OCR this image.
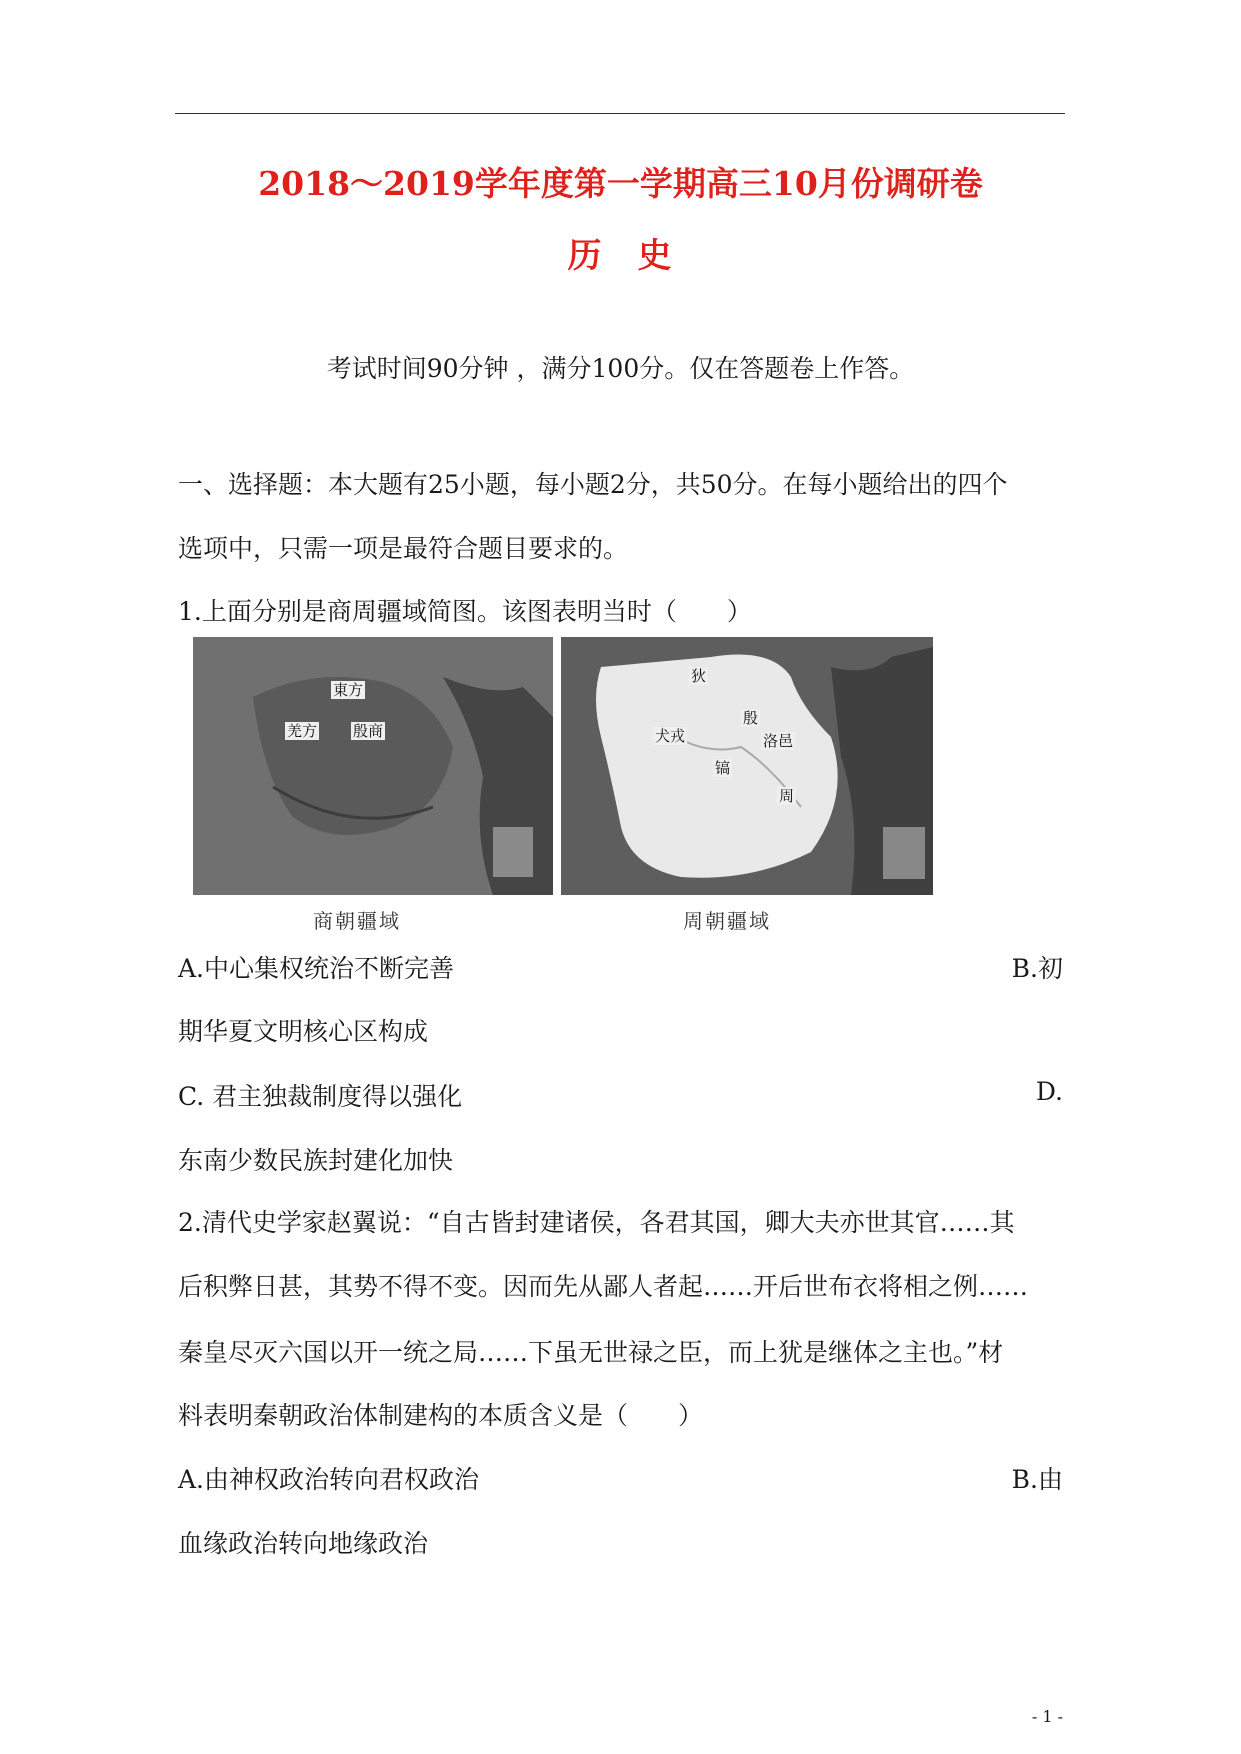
2018～2019学年度第一学期高三10月份调研卷
历 史
考试时间90分钟 ，满分100分。仅在答题卷上作答。
一、选择题：本大题有25小题，每小题2分，共50分。在每小题给出的四个
选项中，只需一项是最符合题目要求的。
1.上面分别是商周疆域简图。该图表明当时（　　）
東方
羌方 殷商
狄
犬戎
殷
洛邑
镐
周
商朝疆域	周朝疆域
A.中心集权统治不断完善	B.初
期华夏文明核心区构成
C. 君主独裁制度得以强化	D.
东南少数民族封建化加快
2.清代史学家赵翼说：“自古皆封建诸侯，各君其国，卿大夫亦世其官……其
后积弊日甚，其势不得不变。因而先从鄙人者起……开后世布衣将相之例……
秦皇尽灭六国以开一统之局……下虽无世禄之臣，而上犹是继体之主也。”材
料表明秦朝政治体制建构的本质含义是（　　）
A.由神权政治转向君权政治	B.由
血缘政治转向地缘政治
- 1 -
